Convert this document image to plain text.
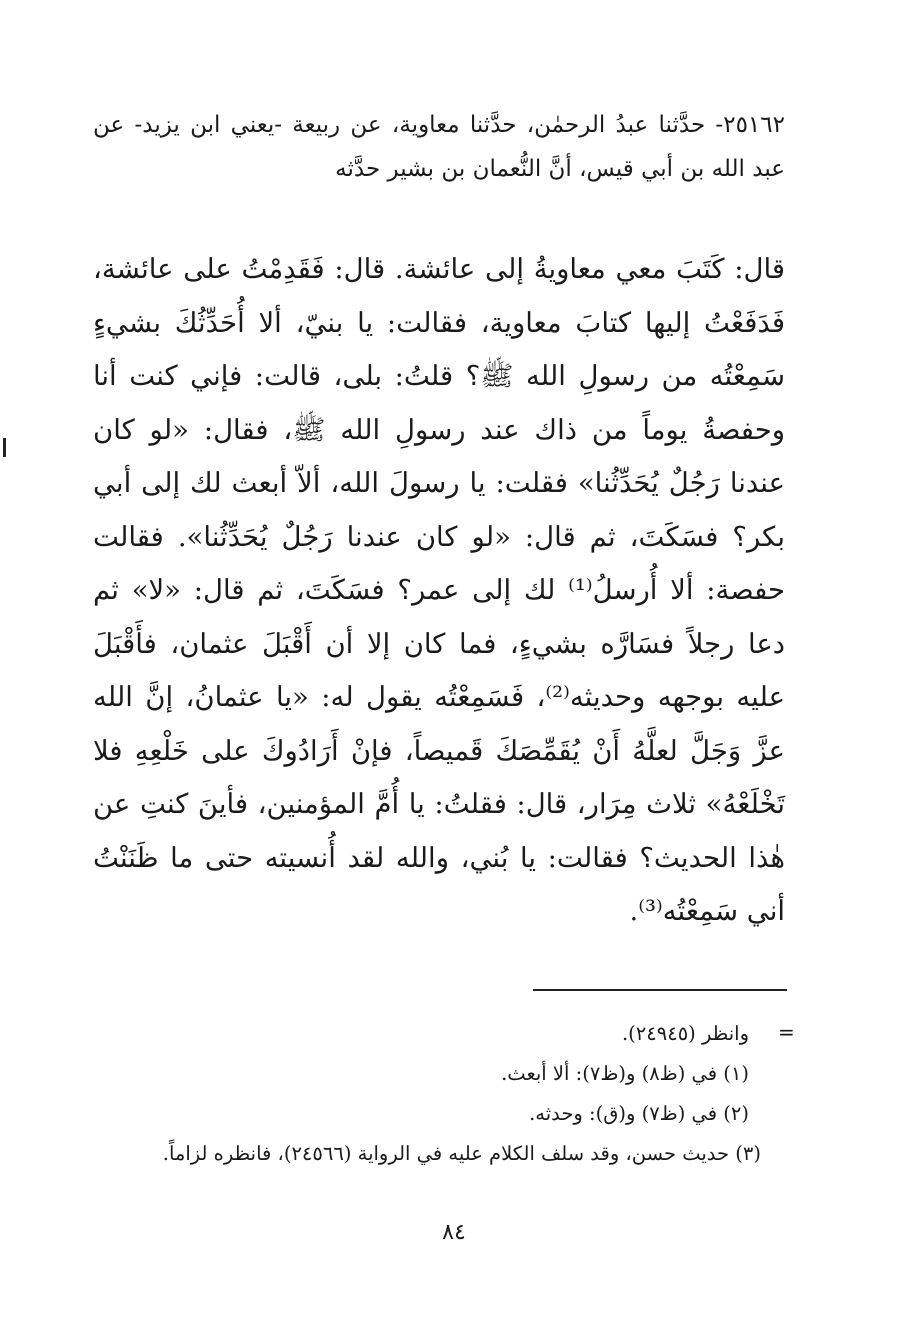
٢٥١٦٢- حدَّثنا عبدُ الرحمٰن، حدَّثنا معاوية، عن ربيعة -يعني ابن يزيد- عن عبد الله بن أبي قيس، أنَّ النُّعمان بن بشير حدَّثه

قال: كَتَبَ معي معاويةُ إلى عائشة. قال: فَقَدِمْتُ على عائشة، فَدَفَعْتُ إليها كتابَ معاوية، فقالت: يا بنيّ، ألا أُحَدِّثُكَ بشيءٍ سَمِعْتُه من رسولِ الله ﷺ؟ قلتُ: بلى، قالت: فإني كنت أنا وحفصةُ يوماً من ذاك عند رسولِ الله ﷺ، فقال: «لو كان عندنا رَجُلٌ يُحَدِّثُنا» فقلت: يا رسولَ الله، ألاّ أبعث لك إلى أبي بكر؟ فسَكَتَ، ثم قال: «لو كان عندنا رَجُلٌ يُحَدِّثُنا». فقالت حفصة: ألا أُرسلُ⁽¹⁾ لك إلى عمر؟ فسَكَتَ، ثم قال: «لا» ثم دعا رجلاً فسَارَّه بشيءٍ، فما كان إلا أن أَقْبَلَ عثمان، فأَقْبَلَ عليه بوجهه وحديثه⁽²⁾، فَسَمِعْتُه يقول له: «يا عثمانُ، إنَّ الله عزَّ وَجَلَّ لعلَّهُ أَنْ يُقَمِّصَكَ قَميصاً، فإنْ أَرَادُوكَ على خَلْعِهِ فلا تَخْلَعْهُ» ثلاث مِرَار، قال: فقلتُ: يا أُمَّ المؤمنين، فأينَ كنتِ عن هٰذا الحديث؟ فقالت: يا بُني، والله لقد أُنسيته حتى ما ظَنَنْتُ أني سَمِعْتُه⁽³⁾.

=
وانظر (٢٤٩٤٥).
(١) في (ظ٨) و(ظ٧): ألا أبعث.
(٢) في (ظ٧) و(ق): وحدثه.
(٣) حديث حسن، وقد سلف الكلام عليه في الرواية (٢٤٥٦٦)، فانظره لزاماً.
٨٤
